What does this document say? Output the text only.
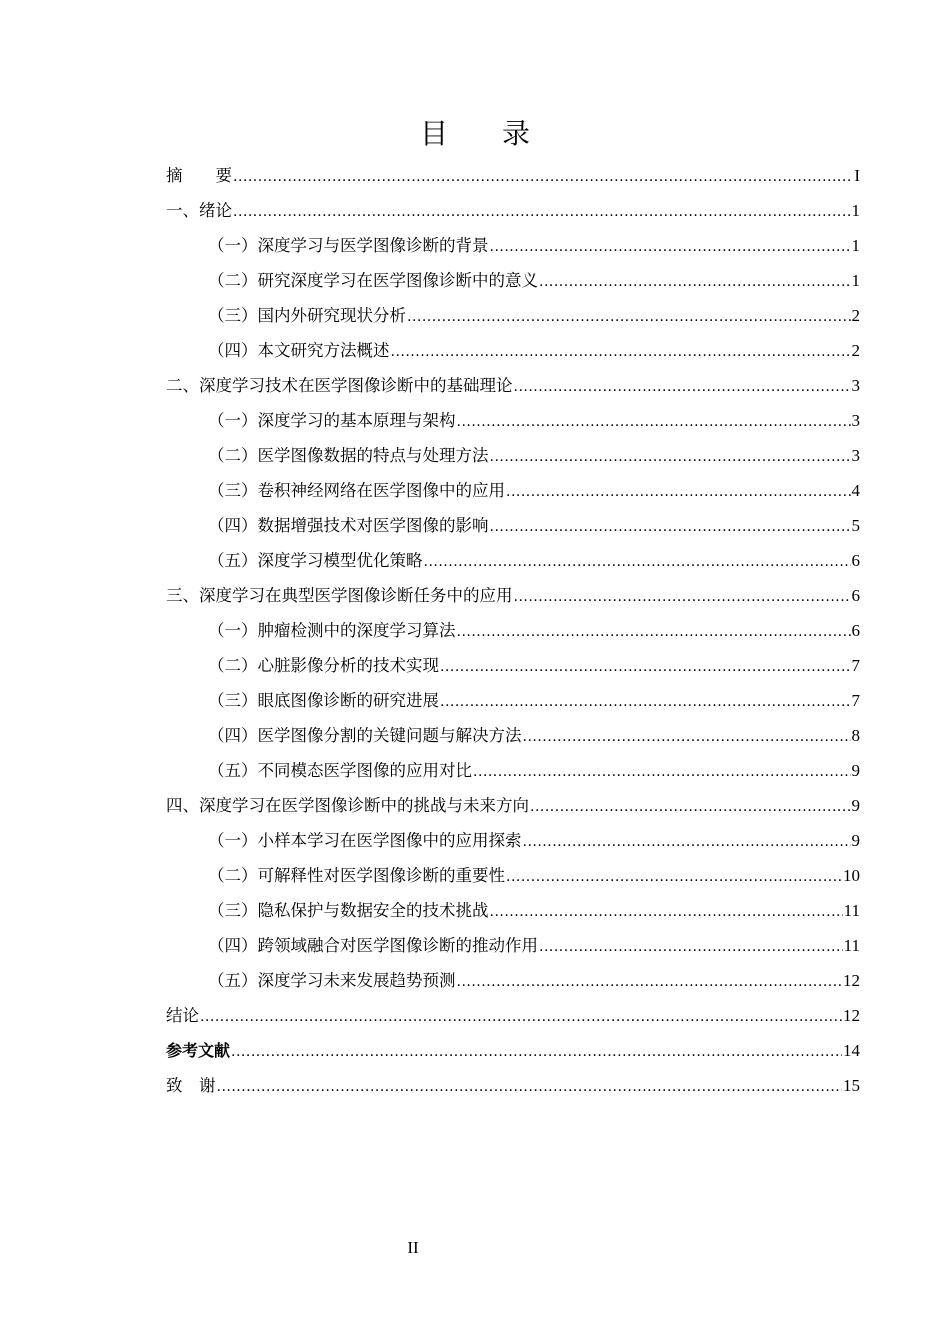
目 录
摘　　要 .....	I
一、绪论 .....	1
（一）深度学习与医学图像诊断的背景 .....	1
（二）研究深度学习在医学图像诊断中的意义 .....	1
（三）国内外研究现状分析 .....	2
（四）本文研究方法概述 .....	2
二、深度学习技术在医学图像诊断中的基础理论 .....	3
（一）深度学习的基本原理与架构 .....	3
（二）医学图像数据的特点与处理方法 .....	3
（三）卷积神经网络在医学图像中的应用 .....	4
（四）数据增强技术对医学图像的影响 .....	5
（五）深度学习模型优化策略 .....	6
三、深度学习在典型医学图像诊断任务中的应用 .....	6
（一）肿瘤检测中的深度学习算法 .....	6
（二）心脏影像分析的技术实现 .....	7
（三）眼底图像诊断的研究进展 .....	7
（四）医学图像分割的关键问题与解决方法 .....	8
（五）不同模态医学图像的应用对比 .....	9
四、深度学习在医学图像诊断中的挑战与未来方向 .....	9
（一）小样本学习在医学图像中的应用探索 .....	9
（二）可解释性对医学图像诊断的重要性 .....	10
（三）隐私保护与数据安全的技术挑战 .....	11
（四）跨领域融合对医学图像诊断的推动作用 .....	11
（五）深度学习未来发展趋势预测 .....	12
结论 .....	12
参考文献 .....	14
致　谢 .....	15
II
